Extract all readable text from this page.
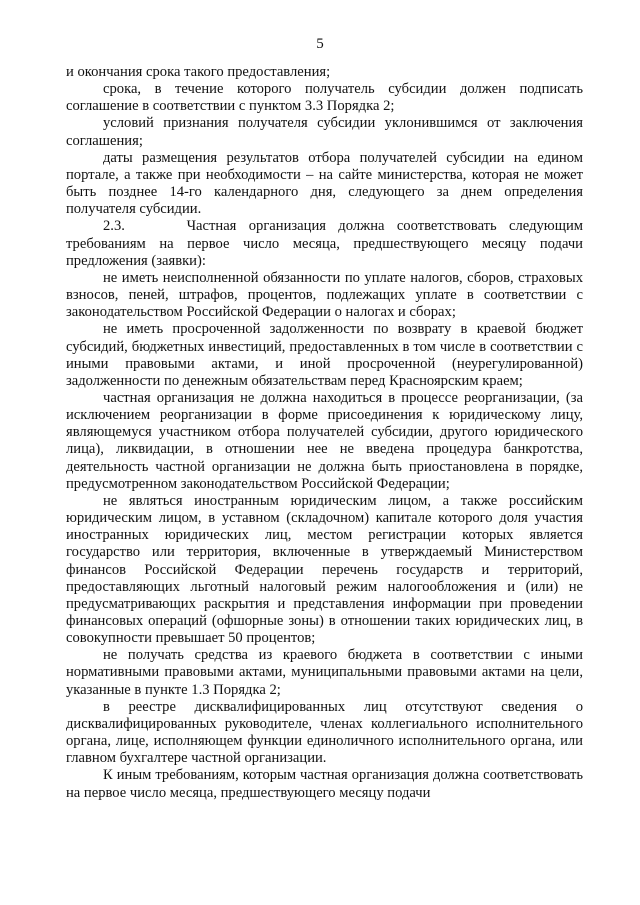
5

и окончания срока такого предоставления;

срока, в течение которого получатель субсидии должен подписать соглашение в соответствии с пунктом 3.3 Порядка 2;

условий признания получателя субсидии уклонившимся от заключения соглашения;

даты размещения результатов отбора получателей субсидии на едином портале, а также при необходимости – на сайте министерства, которая не может быть позднее 14-го календарного дня, следующего за днем определения получателя субсидии.

2.3.     Частная организация должна соответствовать следующим требованиям на первое число месяца, предшествующего месяцу подачи предложения (заявки):

не иметь неисполненной обязанности по уплате налогов, сборов, страховых взносов, пеней, штрафов, процентов, подлежащих уплате в соответствии с законодательством Российской Федерации о налогах и сборах;

не иметь просроченной задолженности по возврату в краевой бюджет субсидий, бюджетных инвестиций, предоставленных в том числе в соответствии с иными правовыми актами, и иной просроченной (неурегулированной) задолженности по денежным обязательствам перед Красноярским краем;

частная организация не должна находиться в процессе реорганизации, (за исключением реорганизации в форме присоединения к юридическому лицу, являющемуся участником отбора получателей субсидии, другого юридического лица), ликвидации, в отношении нее не введена процедура банкротства, деятельность частной организации не должна быть приостановлена в порядке, предусмотренном законодательством Российской Федерации;

не являться иностранным юридическим лицом, а также российским юридическим лицом, в уставном (складочном) капитале которого доля участия иностранных юридических лиц, местом регистрации которых является государство или территория, включенные в утверждаемый Министерством финансов Российской Федерации перечень государств и территорий, предоставляющих льготный налоговый режим налогообложения и (или) не предусматривающих раскрытия и представления информации при проведении финансовых операций (офшорные зоны) в отношении таких юридических лиц, в совокупности превышает 50 процентов;

не получать средства из краевого бюджета в соответствии с иными нормативными правовыми актами, муниципальными правовыми актами на цели, указанные в пункте 1.3 Порядка 2;

в реестре дисквалифицированных лиц отсутствуют сведения о дисквалифицированных руководителе, членах коллегиального исполнительного органа, лице, исполняющем функции единоличного исполнительного органа, или главном бухгалтере частной организации.

К иным требованиям, которым частная организация должна соответствовать на первое число месяца, предшествующего месяцу подачи
